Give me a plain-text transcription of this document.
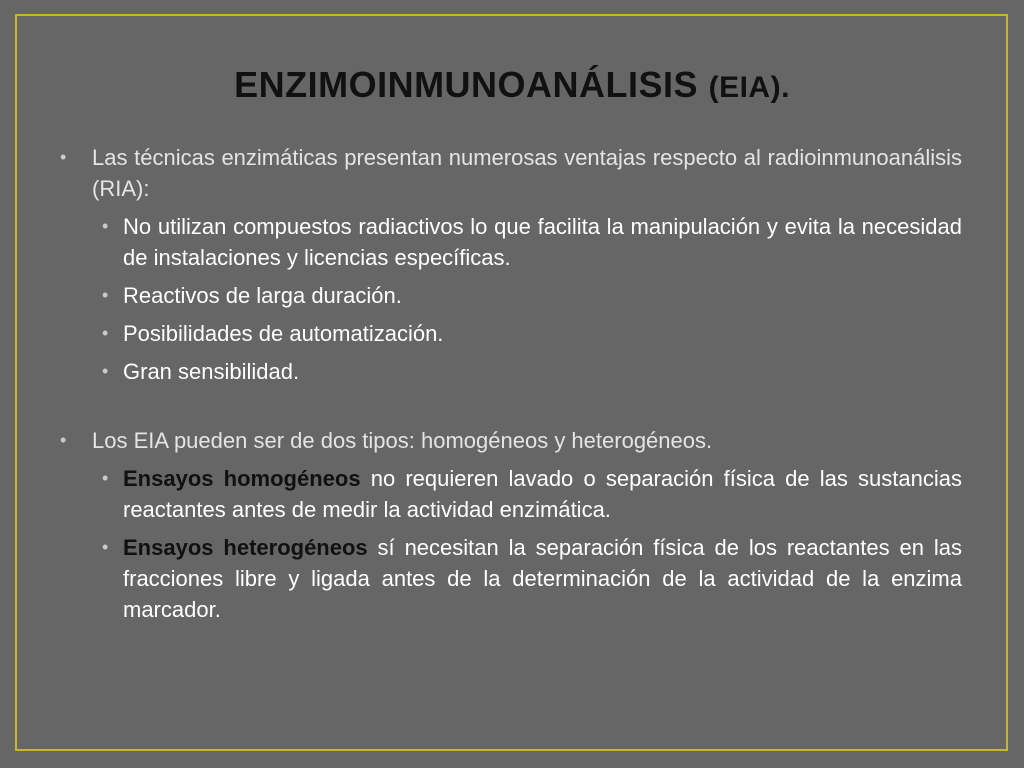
ENZIMOINMUNOANÁLISIS (EIA).
• Las técnicas enzimáticas presentan numerosas ventajas respecto al radioinmunoanálisis (RIA):
• No utilizan compuestos radiactivos lo que facilita la manipulación y evita la necesidad de instalaciones y licencias específicas.
• Reactivos de larga duración.
• Posibilidades de automatización.
• Gran sensibilidad.
• Los EIA pueden ser de dos tipos: homogéneos y heterogéneos.
• Ensayos homogéneos no requieren lavado o separación física de las sustancias reactantes antes de medir la actividad enzimática.
• Ensayos heterogéneos sí necesitan la separación física de los reactantes en las fracciones libre y ligada antes de la determinación de la actividad de la enzima marcador.
